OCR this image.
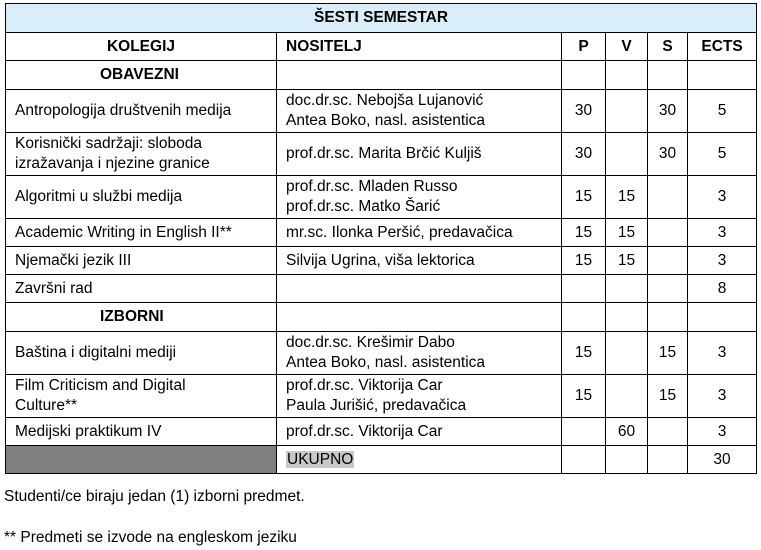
ŠESTI SEMESTAR					
KOLEGIJ	NOSITELJ	P	V	S	ECTS
OBAVEZNI					

Antropologija društvenih medija	doc.dr.sc. Nebojša Lujanović
Antea Boko, nasl. asistentica	30		30	5

Korisnički sadržaji: sloboda
izražavanja i njezine granice	prof.dr.sc. Marita Brčić Kuljiš	30		30	5

Algoritmi u službi medija	prof.dr.sc. Mladen Russo
prof.dr.sc. Matko Šarić	15	15		3

Academic Writing in English II**	mr.sc. Ilonka Peršić, predavačica	15	15		3

Njemački jezik III	Silvija Ugrina, viša lektorica	15	15		3

Završni rad					8
IZBORNI					

Baština i digitalni mediji	doc.dr.sc. Krešimir Dabo
Antea Boko, nasl. asistentica	15		15	3

Film Criticism and Digital
Culture**	prof.dr.sc. Viktorija Car
Paula Jurišić, predavačica	15		15	3

Medijski praktikum IV	prof.dr.sc. Viktorija Car		60		3
	UKUPNO				30
Studenti/ce biraju jedan (1) izborni predmet.
** Predmeti se izvode na engleskom jeziku
